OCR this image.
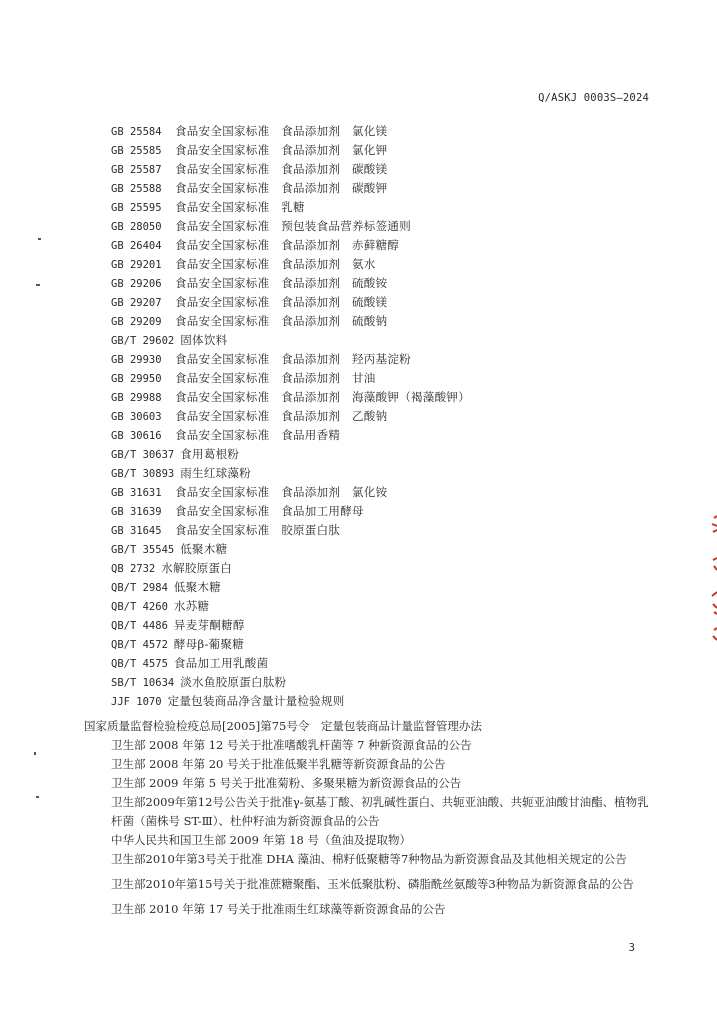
Q/ASKJ 0003S—2024
GB 25584 食品安全国家标准　食品添加剂　氯化镁
GB 25585 食品安全国家标准　食品添加剂　氯化钾
GB 25587 食品安全国家标准　食品添加剂　碳酸镁
GB 25588 食品安全国家标准　食品添加剂　碳酸钾
GB 25595 食品安全国家标准　乳糖
GB 28050 食品安全国家标准　预包装食品营养标签通则
GB 26404 食品安全国家标准　食品添加剂　赤藓糖醇
GB 29201 食品安全国家标准　食品添加剂　氨水
GB 29206 食品安全国家标准　食品添加剂　硫酸铵
GB 29207 食品安全国家标准　食品添加剂　硫酸镁
GB 29209 食品安全国家标准　食品添加剂　硫酸钠
GB/T 29602 固体饮料
GB 29930 食品安全国家标准　食品添加剂　羟丙基淀粉
GB 29950 食品安全国家标准　食品添加剂　甘油
GB 29988 食品安全国家标准　食品添加剂　海藻酸钾（褐藻酸钾）
GB 30603 食品安全国家标准　食品添加剂　乙酸钠
GB 30616 食品安全国家标准　食品用香精
GB/T 30637 食用葛根粉
GB/T 30893 雨生红球藻粉
GB 31631 食品安全国家标准　食品添加剂　氯化铵
GB 31639 食品安全国家标准　食品加工用酵母
GB 31645 食品安全国家标准　胶原蛋白肽
GB/T 35545 低聚木糖
QB 2732 水解胶原蛋白
QB/T 2984 低聚木糖
QB/T 4260 水苏糖
QB/T 4486 异麦芽酮糖醇
QB/T 4572 酵母β-葡聚糖
QB/T 4575 食品加工用乳酸菌
SB/T 10634 淡水鱼胶原蛋白肽粉
JJF 1070 定量包装商品净含量计量检验规则
国家质量监督检验检疫总局[2005]第75号令　定量包装商品计量监督管理办法
卫生部 2008 年第 12 号关于批准嗜酸乳杆菌等 7 种新资源食品的公告
卫生部 2008 年第 20 号关于批准低聚半乳糖等新资源食品的公告
卫生部 2009 年第 5 号关于批准菊粉、多聚果糖为新资源食品的公告
卫生部2009年第12号公告关于批准γ-氨基丁酸、初乳碱性蛋白、共轭亚油酸、共轭亚油酸甘油酯、植物乳杆菌（菌株号 ST-Ⅲ）、杜仲籽油为新资源食品的公告
中华人民共和国卫生部 2009 年第 18 号（鱼油及提取物）
卫生部2010年第3号关于批准 DHA 藻油、棉籽低聚糖等7种物品为新资源食品及其他相关规定的公告
卫生部2010年第15号关于批准蔗糖聚酯、玉米低聚肽粉、磷脂酰丝氨酸等3种物品为新资源食品的公告
卫生部 2010 年第 17 号关于批准雨生红球藻等新资源食品的公告
3
